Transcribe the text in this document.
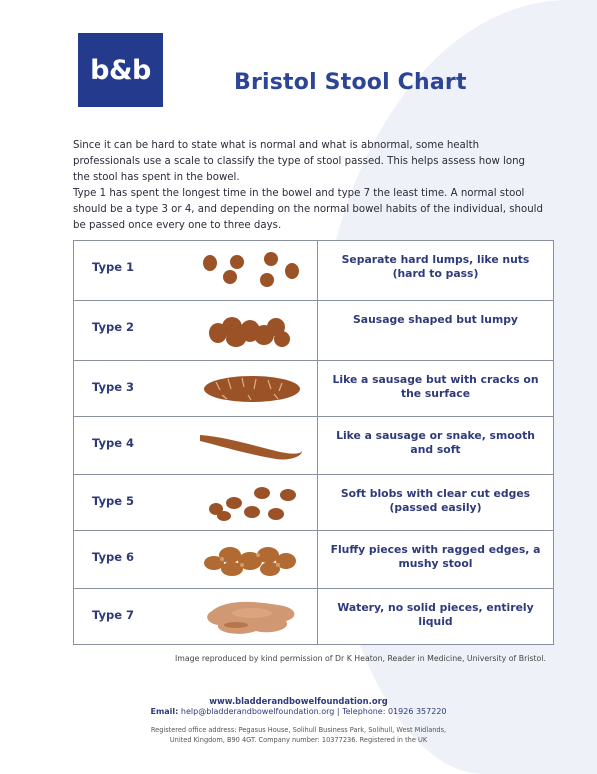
b&b	Bristol Stool Chart
Since it can be hard to state what is normal and what is abnormal, some health professionals use a scale to classify the type of stool passed. This helps assess how long the stool has spent in the bowel.
Type 1 has spent the longest time in the bowel and type 7 the least time. A normal stool should be a type 3 or 4, and depending on the normal bowel habits of the individual, should be passed once every one to three days.
Type 1	Separate hard lumps, like nuts (hard to pass)

Type 2	Sausage shaped but lumpy

Type 3	Like a sausage but with cracks on the surface

Type 4	Like a sausage or snake, smooth and soft

Type 5	Soft blobs with clear cut edges (passed easily)

Type 6	Fluffy pieces with ragged edges, a mushy stool

Type 7	Watery, no solid pieces, entirely liquid
Image reproduced by kind permission of Dr K Heaton, Reader in Medicine, University of Bristol.
www.bladderandbowelfoundation.org
Email: help@bladderandbowelfoundation.org | Telephone: 01926 357220
Registered office address: Pegasus House, Solihull Business Park, Solihull, West Midlands,
United Kingdom, B90 4GT. Company number: 10377236. Registered in the UK
